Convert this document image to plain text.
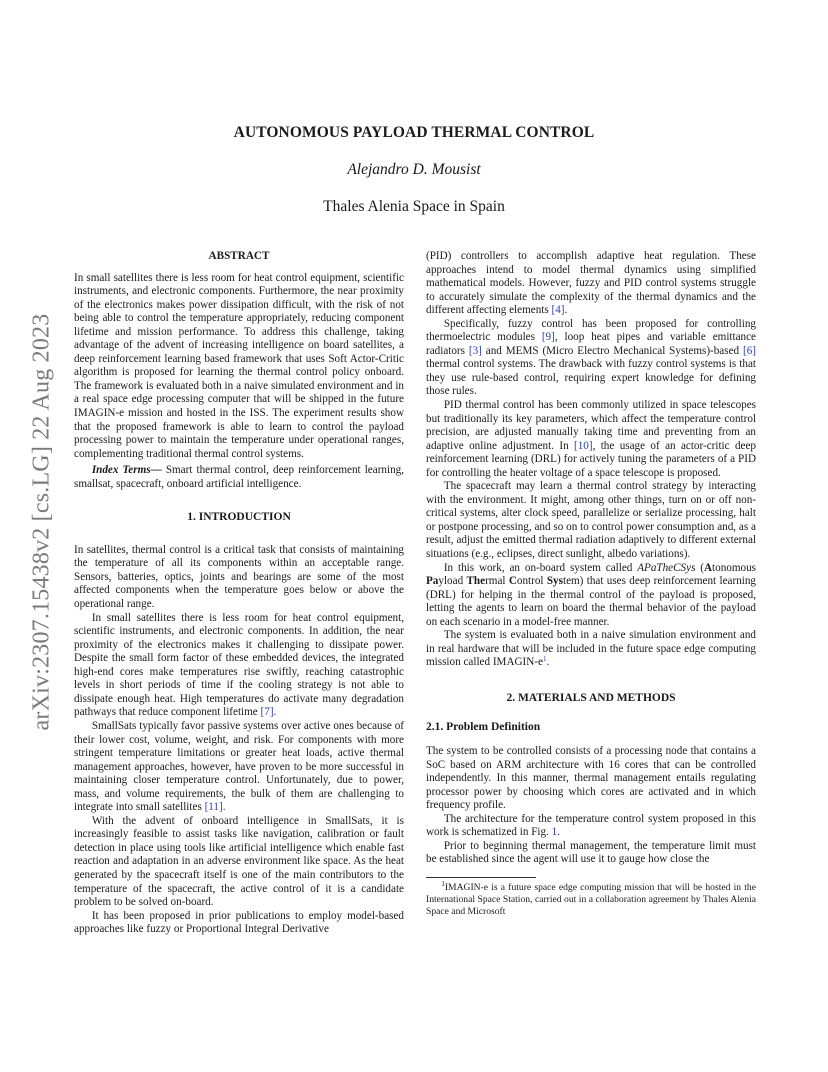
arXiv:2307.15438v2 [cs.LG] 22 Aug 2023
AUTONOMOUS PAYLOAD THERMAL CONTROL
Alejandro D. Mousist
Thales Alenia Space in Spain
ABSTRACT

In small satellites there is less room for heat control equipment, scientific instruments, and electronic components. Furthermore, the near proximity of the electronics makes power dissipation difficult, with the risk of not being able to control the temperature appropriately, reducing component lifetime and mission performance. To address this challenge, taking advantage of the advent of increasing intelligence on board satellites, a deep reinforcement learning based framework that uses Soft Actor-Critic algorithm is proposed for learning the thermal control policy onboard. The framework is evaluated both in a naive simulated environment and in a real space edge processing computer that will be shipped in the future IMAGIN-e mission and hosted in the ISS. The experiment results show that the proposed framework is able to learn to control the payload processing power to maintain the temperature under operational ranges, complementing traditional thermal control systems.

Index Terms— Smart thermal control, deep reinforcement learning, smallsat, spacecraft, onboard artificial intelligence.

1. INTRODUCTION

In satellites, thermal control is a critical task that consists of maintaining the temperature of all its components within an acceptable range. Sensors, batteries, optics, joints and bearings are some of the most affected components when the temperature goes below or above the operational range.

In small satellites there is less room for heat control equipment, scientific instruments, and electronic components. In addition, the near proximity of the electronics makes it challenging to dissipate power. Despite the small form factor of these embedded devices, the integrated high-end cores make temperatures rise swiftly, reaching catastrophic levels in short periods of time if the cooling strategy is not able to dissipate enough heat. High temperatures do activate many degradation pathways that reduce component lifetime [7].

SmallSats typically favor passive systems over active ones because of their lower cost, volume, weight, and risk. For components with more stringent temperature limitations or greater heat loads, active thermal management approaches, however, have proven to be more successful in maintaining closer temperature control. Unfortunately, due to power, mass, and volume requirements, the bulk of them are challenging to integrate into small satellites [11].

With the advent of onboard intelligence in SmallSats, it is increasingly feasible to assist tasks like navigation, calibration or fault detection in place using tools like artificial intelligence which enable fast reaction and adaptation in an adverse environment like space. As the heat generated by the spacecraft itself is one of the main contributors to the temperature of the spacecraft, the active control of it is a candidate problem to be solved on-board.

It has been proposed in prior publications to employ model-based approaches like fuzzy or Proportional Integral Derivative

(PID) controllers to accomplish adaptive heat regulation. These approaches intend to model thermal dynamics using simplified mathematical models. However, fuzzy and PID control systems struggle to accurately simulate the complexity of the thermal dynamics and the different affecting elements [4].

Specifically, fuzzy control has been proposed for controlling thermoelectric modules [9], loop heat pipes and variable emittance radiators [3] and MEMS (Micro Electro Mechanical Systems)-based [6] thermal control systems. The drawback with fuzzy control systems is that they use rule-based control, requiring expert knowledge for defining those rules.

PID thermal control has been commonly utilized in space telescopes but traditionally its key parameters, which affect the temperature control precision, are adjusted manually taking time and preventing from an adaptive online adjustment. In [10], the usage of an actor-critic deep reinforcement learning (DRL) for actively tuning the parameters of a PID for controlling the heater voltage of a space telescope is proposed.

The spacecraft may learn a thermal control strategy by interacting with the environment. It might, among other things, turn on or off non-critical systems, alter clock speed, parallelize or serialize processing, halt or postpone processing, and so on to control power consumption and, as a result, adjust the emitted thermal radiation adaptively to different external situations (e.g., eclipses, direct sunlight, albedo variations).

In this work, an on-board system called APaTheCSys (Atonomous Payload Thermal Control System) that uses deep reinforcement learning (DRL) for helping in the thermal control of the payload is proposed, letting the agents to learn on board the thermal behavior of the payload on each scenario in a model-free manner.

The system is evaluated both in a naive simulation environment and in real hardware that will be included in the future space edge computing mission called IMAGIN-e$^1$.

2. MATERIALS AND METHODS
2.1. Problem Definition

The system to be controlled consists of a processing node that contains a SoC based on ARM architecture with 16 cores that can be controlled independently. In this manner, thermal management entails regulating processor power by choosing which cores are activated and in which frequency profile.

The architecture for the temperature control system proposed in this work is schematized in Fig. 1.

Prior to beginning thermal management, the temperature limit must be established since the agent will use it to gauge how close the

$^1$IMAGIN-e is a future space edge computing mission that will be hosted in the International Space Station, carried out in a collaboration agreement by Thales Alenia Space and Microsoft
